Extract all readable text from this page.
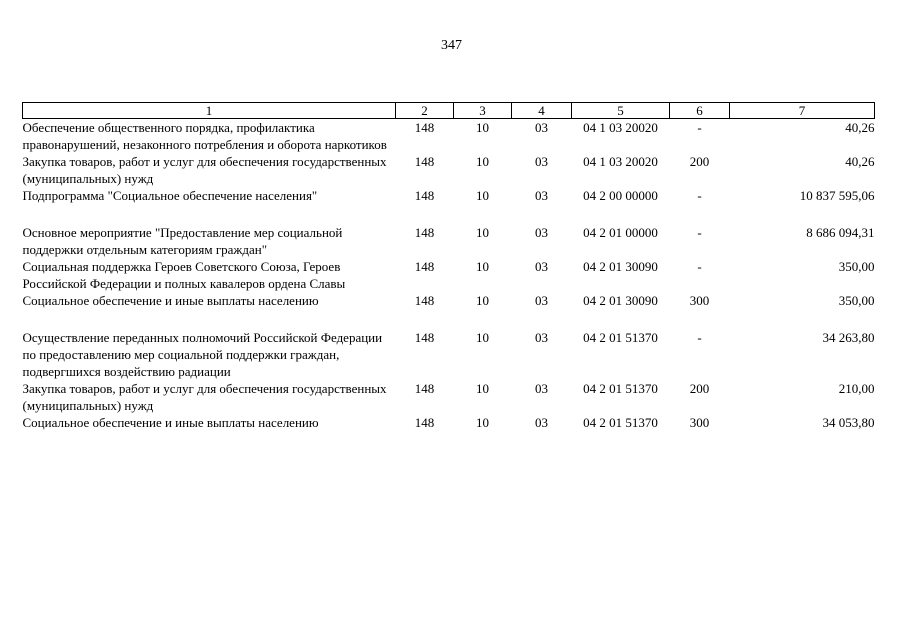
347
1	2	3	4	5	6	7
Обеспечение общественного порядка, профилактика правонарушений, незаконного потребления и оборота наркотиков	148	10	03	04 1 03 20020	-	40,26
Закупка товаров, работ и услуг для обеспечения государственных (муниципальных) нужд	148	10	03	04 1 03 20020	200	40,26
Подпрограмма "Социальное обеспечение населения"	148	10	03	04 2 00 00000	-	10 837 595,06

Основное мероприятие "Предоставление мер социальной поддержки отдельным категориям граждан"	148	10	03	04 2 01 00000	-	8 686 094,31
Социальная поддержка Героев Советского Союза, Героев Российской Федерации и полных кавалеров ордена Славы	148	10	03	04 2 01 30090	-	350,00
Социальное обеспечение и иные выплаты населению	148	10	03	04 2 01 30090	300	350,00

Осуществление переданных полномочий Российской Федерации по предоставлению мер социальной поддержки граждан, подвергшихся воздействию радиации	148	10	03	04 2 01 51370	-	34 263,80
Закупка товаров, работ и услуг для обеспечения государственных (муниципальных) нужд	148	10	03	04 2 01 51370	200	210,00
Социальное обеспечение и иные выплаты населению	148	10	03	04 2 01 51370	300	34 053,80
